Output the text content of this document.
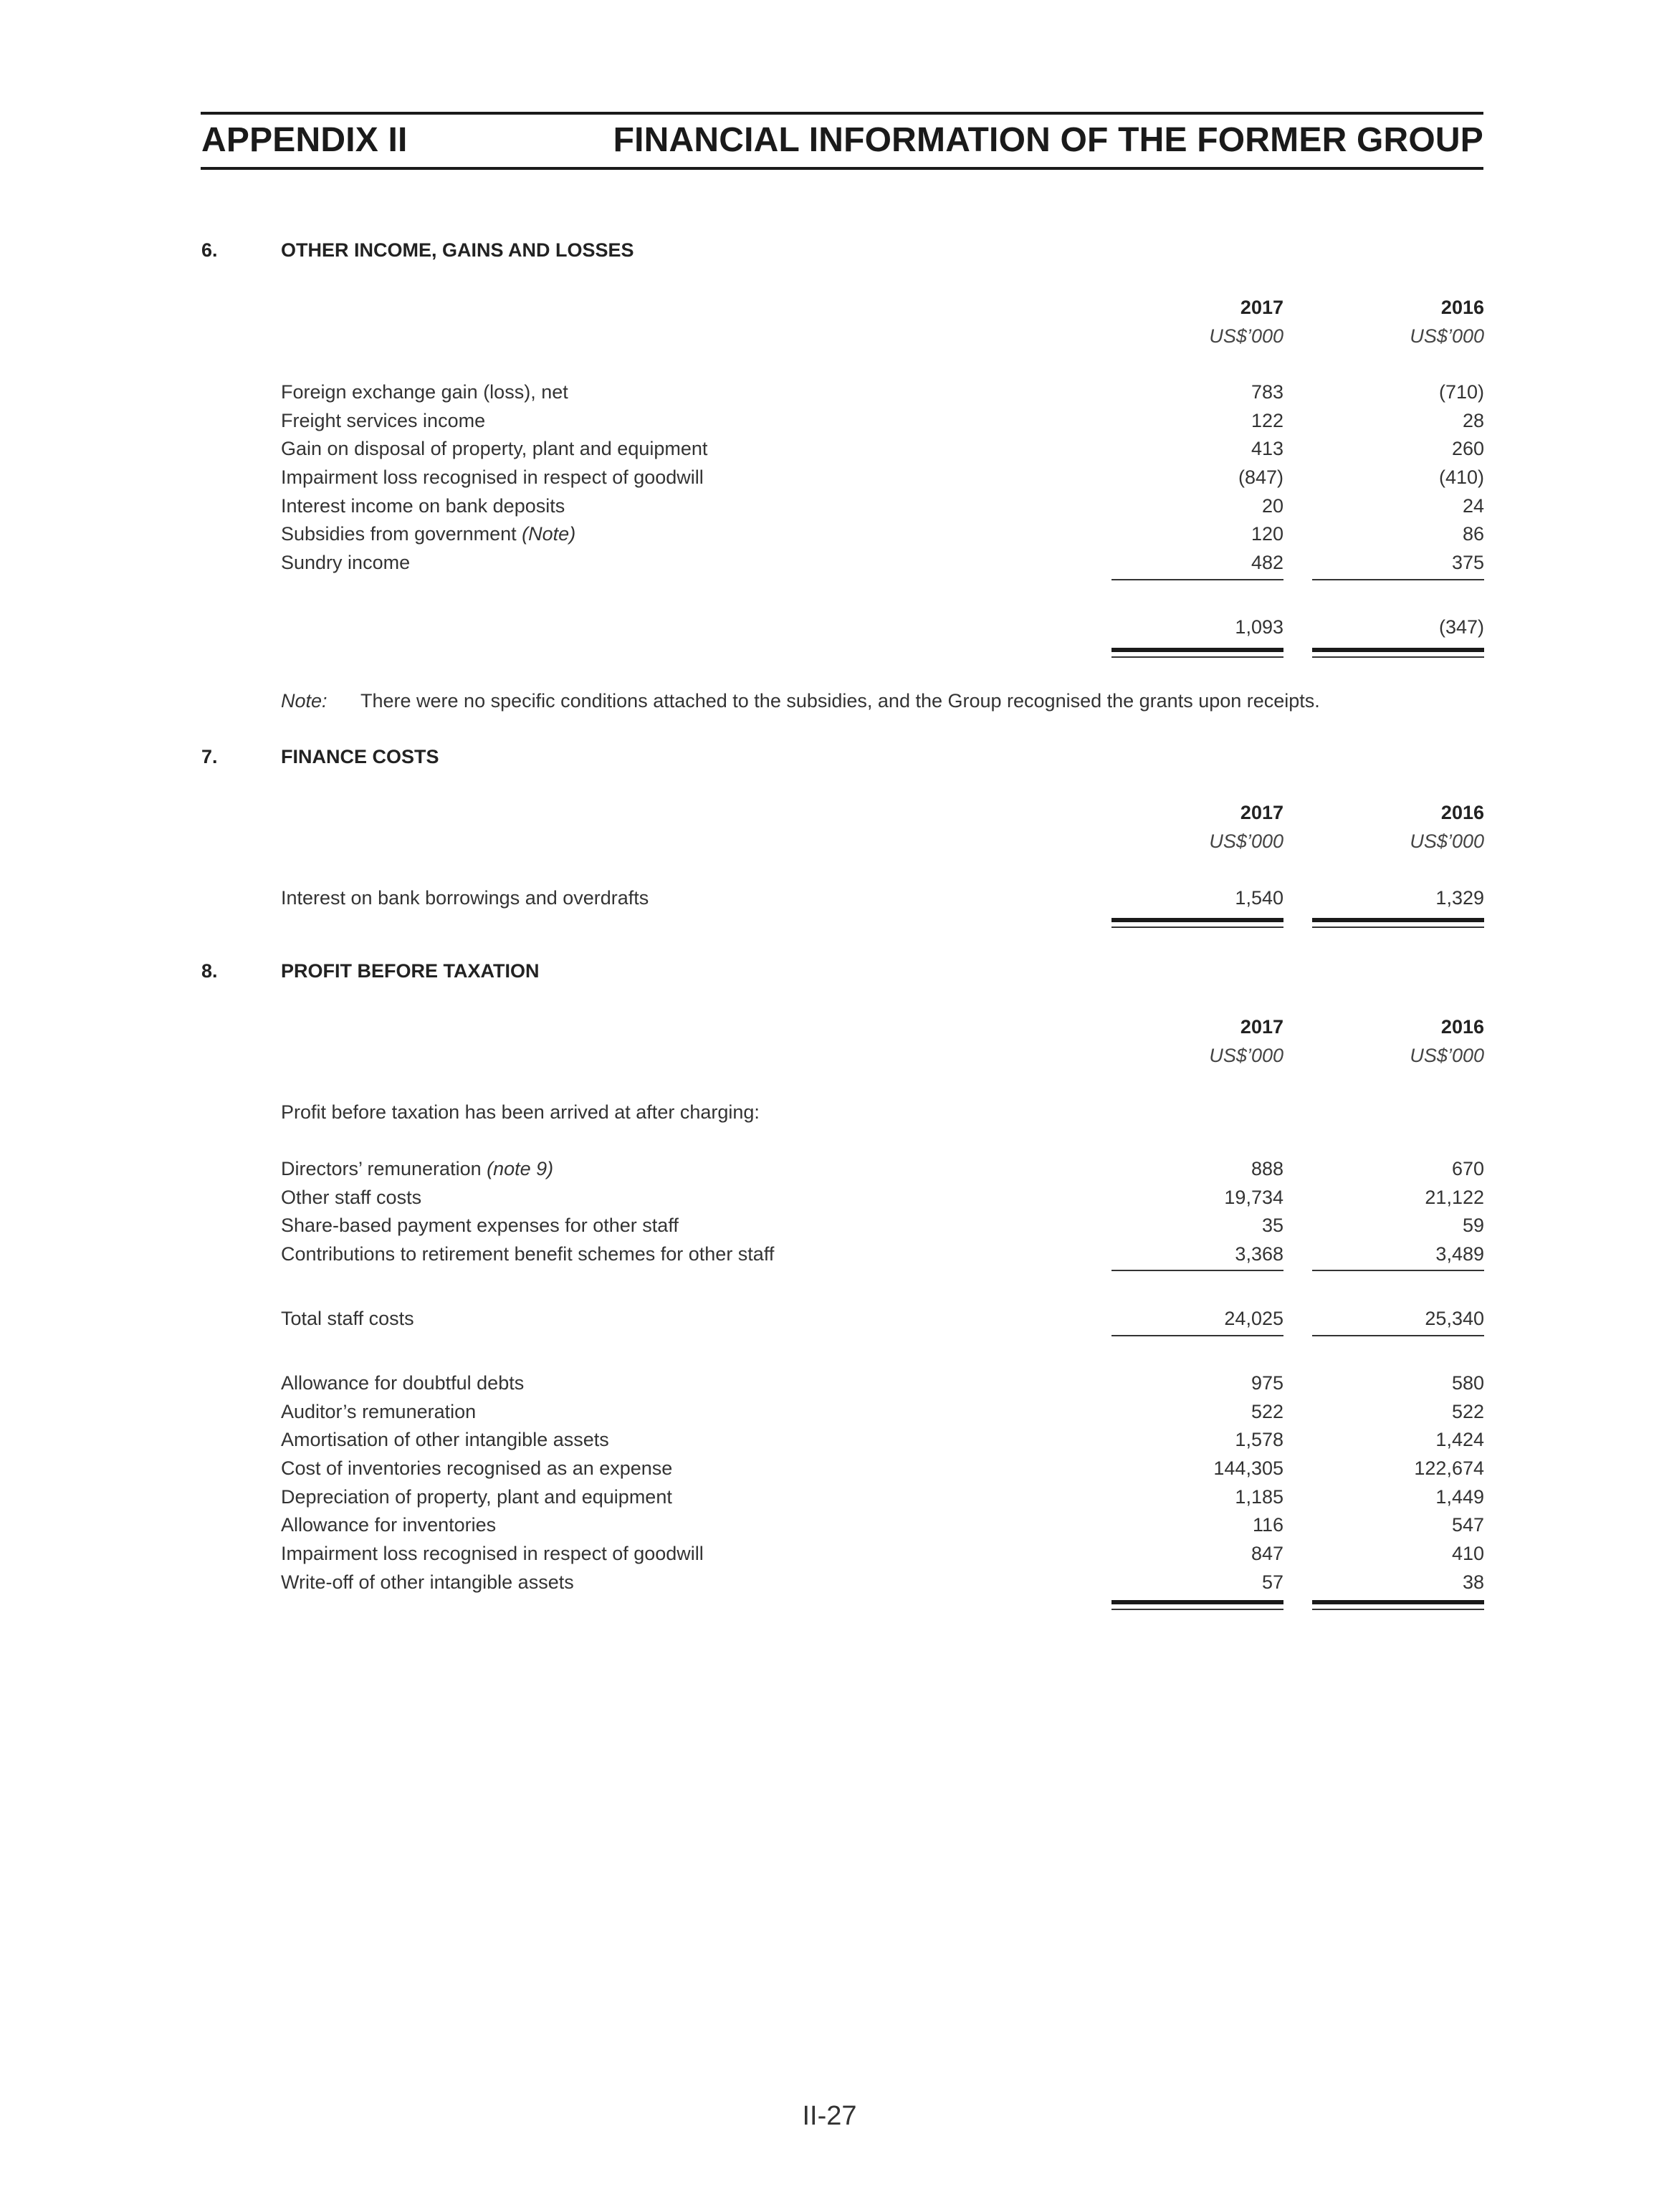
APPENDIX II	FINANCIAL INFORMATION OF THE FORMER GROUP
6.	OTHER INCOME, GAINS AND LOSSES
2017	2016
US$’000	US$’000
Foreign exchange gain (loss), net	783	(710)
Freight services income	122	28
Gain on disposal of property, plant and equipment	413	260
Impairment loss recognised in respect of goodwill	(847)	(410)
Interest income on bank deposits	20	24
Subsidies from government (Note)	120	86
Sundry income	482	375
1,093	(347)
Note: There were no specific conditions attached to the subsidies, and the Group recognised the grants upon receipts.
7.	FINANCE COSTS
2017	2016
US$’000	US$’000
Interest on bank borrowings and overdrafts	1,540	1,329
8.	PROFIT BEFORE TAXATION
2017	2016
US$’000	US$’000
Profit before taxation has been arrived at after charging:
Directors’ remuneration (note 9)	888	670
Other staff costs	19,734	21,122
Share-based payment expenses for other staff	35	59
Contributions to retirement benefit schemes for other staff	3,368	3,489
Total staff costs	24,025	25,340
Allowance for doubtful debts	975	580
Auditor’s remuneration	522	522
Amortisation of other intangible assets	1,578	1,424
Cost of inventories recognised as an expense	144,305	122,674
Depreciation of property, plant and equipment	1,185	1,449
Allowance for inventories	116	547
Impairment loss recognised in respect of goodwill	847	410
Write-off of other intangible assets	57	38
II-27
